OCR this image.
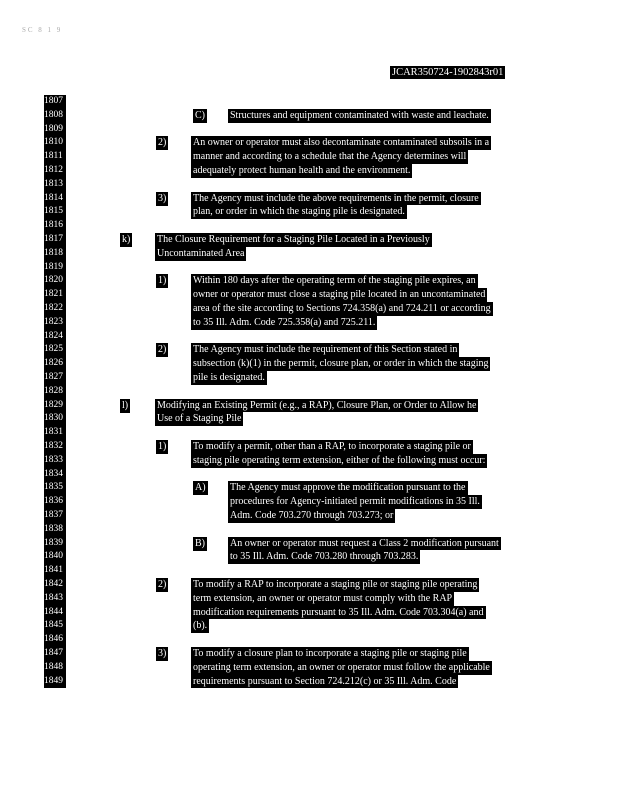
SC 8 1 9
JCAR350724-1902843r01
1807
1808
1809
1810
1811
1812
1813
1814
1815
1816
1817
1818
1819
1820
1821
1822
1823
1824
1825
1826
1827
1828
1829
1830
1831
1832
1833
1834
1835
1836
1837
1838
1839
1840
1841
1842
1843
1844
1845
1846
1847
1848
1849
C)	Structures and equipment contaminated with waste and leachate.

2)	An owner or operator must also decontaminate contaminated subsoils in a
manner and according to a schedule that the Agency determines will
adequately protect human health and the environment.

3)	The Agency must include the above requirements in the permit, closure
plan, or order in which the staging pile is designated.

k)	The Closure Requirement for a Staging Pile Located in a Previously
Uncontaminated Area

1)	Within 180 days after the operating term of the staging pile expires, an
owner or operator must close a staging pile located in an uncontaminated
area of the site according to Sections 724.358(a) and 724.211 or according
to 35 Ill. Adm. Code 725.358(a) and 725.211.

2)	The Agency must include the requirement of this Section stated in
subsection (k)(1) in the permit, closure plan, or order in which the staging
pile is designated.

l)	Modifying an Existing Permit (e.g., a RAP), Closure Plan, or Order to Allow he
Use of a Staging Pile

1)	To modify a permit, other than a RAP, to incorporate a staging pile or
staging pile operating term extension, either of the following must occur:

A) The Agency must approve the modification pursuant to the
procedures for Agency-initiated permit modifications in 35 Ill.
Adm. Code 703.270 through 703.273; or

B)	An owner or operator must request a Class 2 modification pursuant
to 35 Ill. Adm. Code 703.280 through 703.283.

2)	To modify a RAP to incorporate a staging pile or staging pile operating
term extension, an owner or operator must comply with the RAP
modification requirements pursuant to 35 Ill. Adm. Code 703.304(a) and
(b).

3)	To modify a closure plan to incorporate a staging pile or staging pile
operating term extension, an owner or operator must follow the applicable
requirements pursuant to Section 724.212(c) or 35 Ill. Adm. Code
